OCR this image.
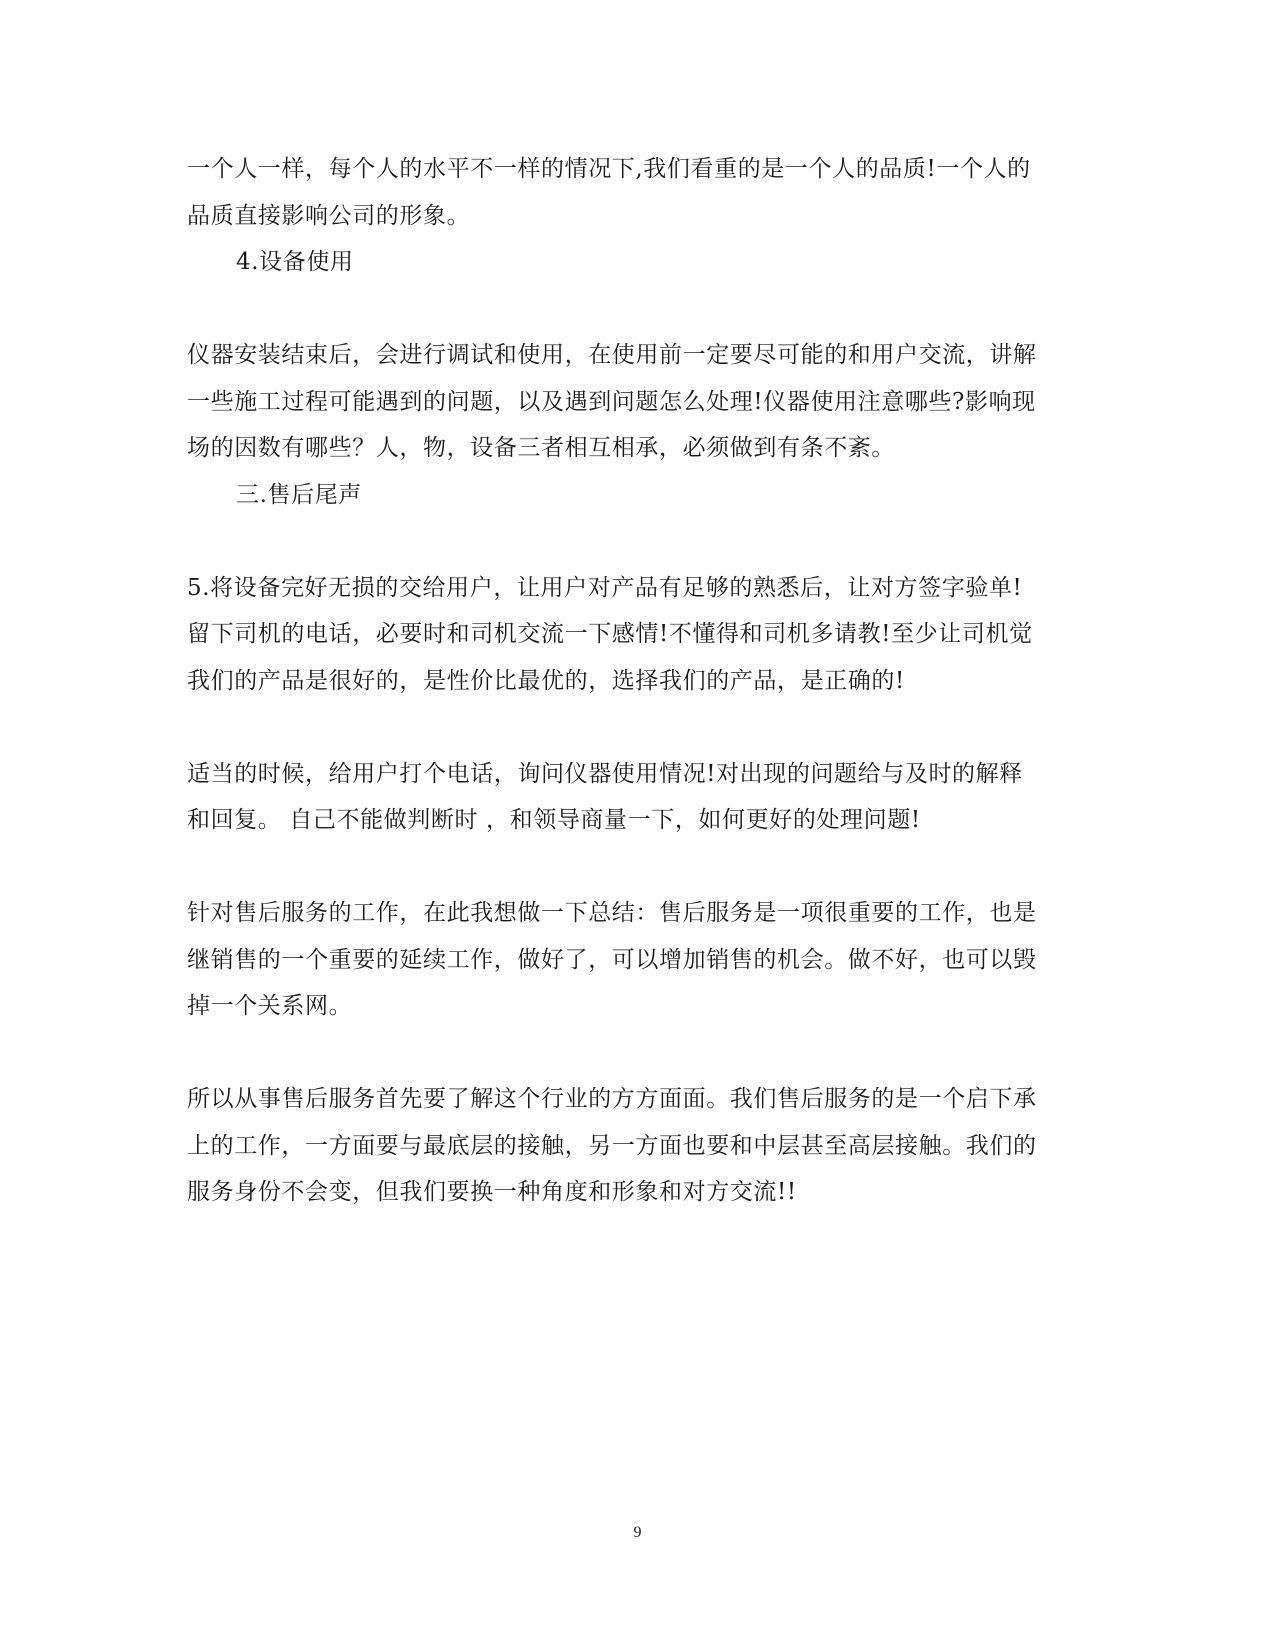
一个人一样，每个人的水平不一样的情况下,我们看重的是一个人的品质!一个人的
品质直接影响公司的形象。
4.设备使用
仪器安装结束后，会进行调试和使用，在使用前一定要尽可能的和用户交流，讲解
一些施工过程可能遇到的问题，以及遇到问题怎么处理!仪器使用注意哪些?影响现
场的因数有哪些？人，物，设备三者相互相承，必须做到有条不紊。
三.售后尾声
5.将设备完好无损的交给用户，让用户对产品有足够的熟悉后，让对方签字验单!
留下司机的电话，必要时和司机交流一下感情!不懂得和司机多请教!至少让司机觉
我们的产品是很好的，是性价比最优的，选择我们的产品，是正确的!
适当的时候，给用户打个电话，询问仪器使用情况!对出现的问题给与及时的解释
和回复。 自己不能做判断时 ，和领导商量一下，如何更好的处理问题!
针对售后服务的工作，在此我想做一下总结：售后服务是一项很重要的工作，也是
继销售的一个重要的延续工作，做好了，可以增加销售的机会。做不好，也可以毁
掉一个关系网。
所以从事售后服务首先要了解这个行业的方方面面。我们售后服务的是一个启下承
上的工作，一方面要与最底层的接触，另一方面也要和中层甚至高层接触。我们的
服务身份不会变，但我们要换一种角度和形象和对方交流!!
9
